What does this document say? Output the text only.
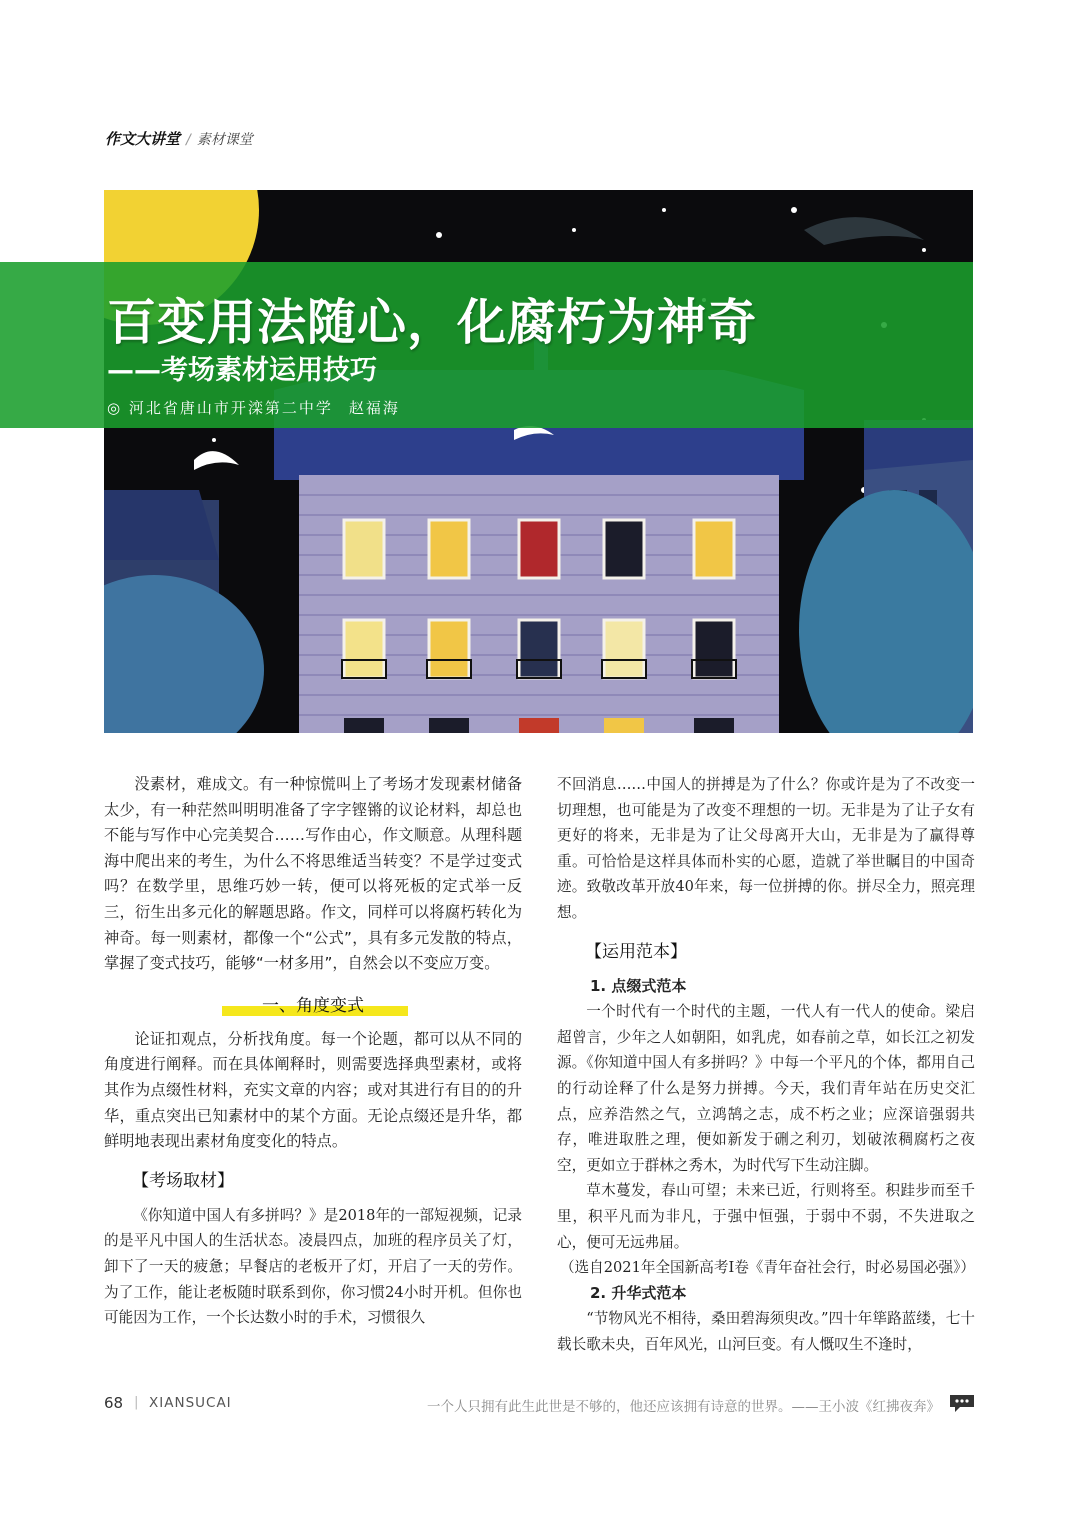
作文大讲堂 / 素材课堂
百变用法随心，化腐朽为神奇
——考场素材运用技巧
◎ 河北省唐山市开滦第二中学 赵福海

没素材，难成文。有一种惊慌叫上了考场才发现素材储备太少，有一种茫然叫明明准备了字字铿锵的议论材料，却总也不能与写作中心完美契合……写作由心，作文顺意。从理科题海中爬出来的考生，为什么不将思维适当转变？不是学过变式吗？在数学里，思维巧妙一转，便可以将死板的定式举一反三，衍生出多元化的解题思路。作文，同样可以将腐朽转化为神奇。每一则素材，都像一个“公式”，具有多元发散的特点，掌握了变式技巧，能够“一材多用”，自然会以不变应万变。

一、角度变式

论证扣观点，分析找角度。每一个论题，都可以从不同的角度进行阐释。而在具体阐释时，则需要选择典型素材，或将其作为点缀性材料，充实文章的内容；或对其进行有目的的升华，重点突出已知素材中的某个方面。无论点缀还是升华，都鲜明地表现出素材角度变化的特点。

【考场取材】

《你知道中国人有多拼吗？》是2018年的一部短视频，记录的是平凡中国人的生活状态。凌晨四点，加班的程序员关了灯，卸下了一天的疲惫；早餐店的老板开了灯，开启了一天的劳作。为了工作，能让老板随时联系到你，你习惯24小时开机。但你也可能因为工作，一个长达数小时的手术，习惯很久

不回消息……中国人的拼搏是为了什么？你或许是为了不改变一切理想，也可能是为了改变不理想的一切。无非是为了让子女有更好的将来，无非是为了让父母离开大山，无非是为了赢得尊重。可恰恰是这样具体而朴实的心愿，造就了举世瞩目的中国奇迹。致敬改革开放40年来，每一位拼搏的你。拼尽全力，照亮理想。

【运用范本】
1. 点缀式范本

一个时代有一个时代的主题，一代人有一代人的使命。梁启超曾言，少年之人如朝阳，如乳虎，如春前之草，如长江之初发源。《你知道中国人有多拼吗？》中每一个平凡的个体，都用自己的行动诠释了什么是努力拼搏。今天，我们青年站在历史交汇点，应养浩然之气，立鸿鹄之志，成不朽之业；应深谙强弱共存，唯进取胜之理，便如新发于硎之利刃，划破浓稠腐朽之夜空，更如立于群林之秀木，为时代写下生动注脚。

草木蔓发，春山可望；未来已近，行则将至。积跬步而至千里，积平凡而为非凡，于强中恒强，于弱中不弱，不失进取之心，便可无远弗届。

（选自2021年全国新高考Ⅰ卷《青年奋社会行，时必易国必强》）

2. 升华式范本

“节物风光不相待，桑田碧海须臾改。”四十年筚路蓝缕，七十载长歌未央，百年风光，山河巨变。有人慨叹生不逢时，

68 | XIANSUCAI	一个人只拥有此生此世是不够的，他还应该拥有诗意的世界。——王小波《红拂夜奔》
